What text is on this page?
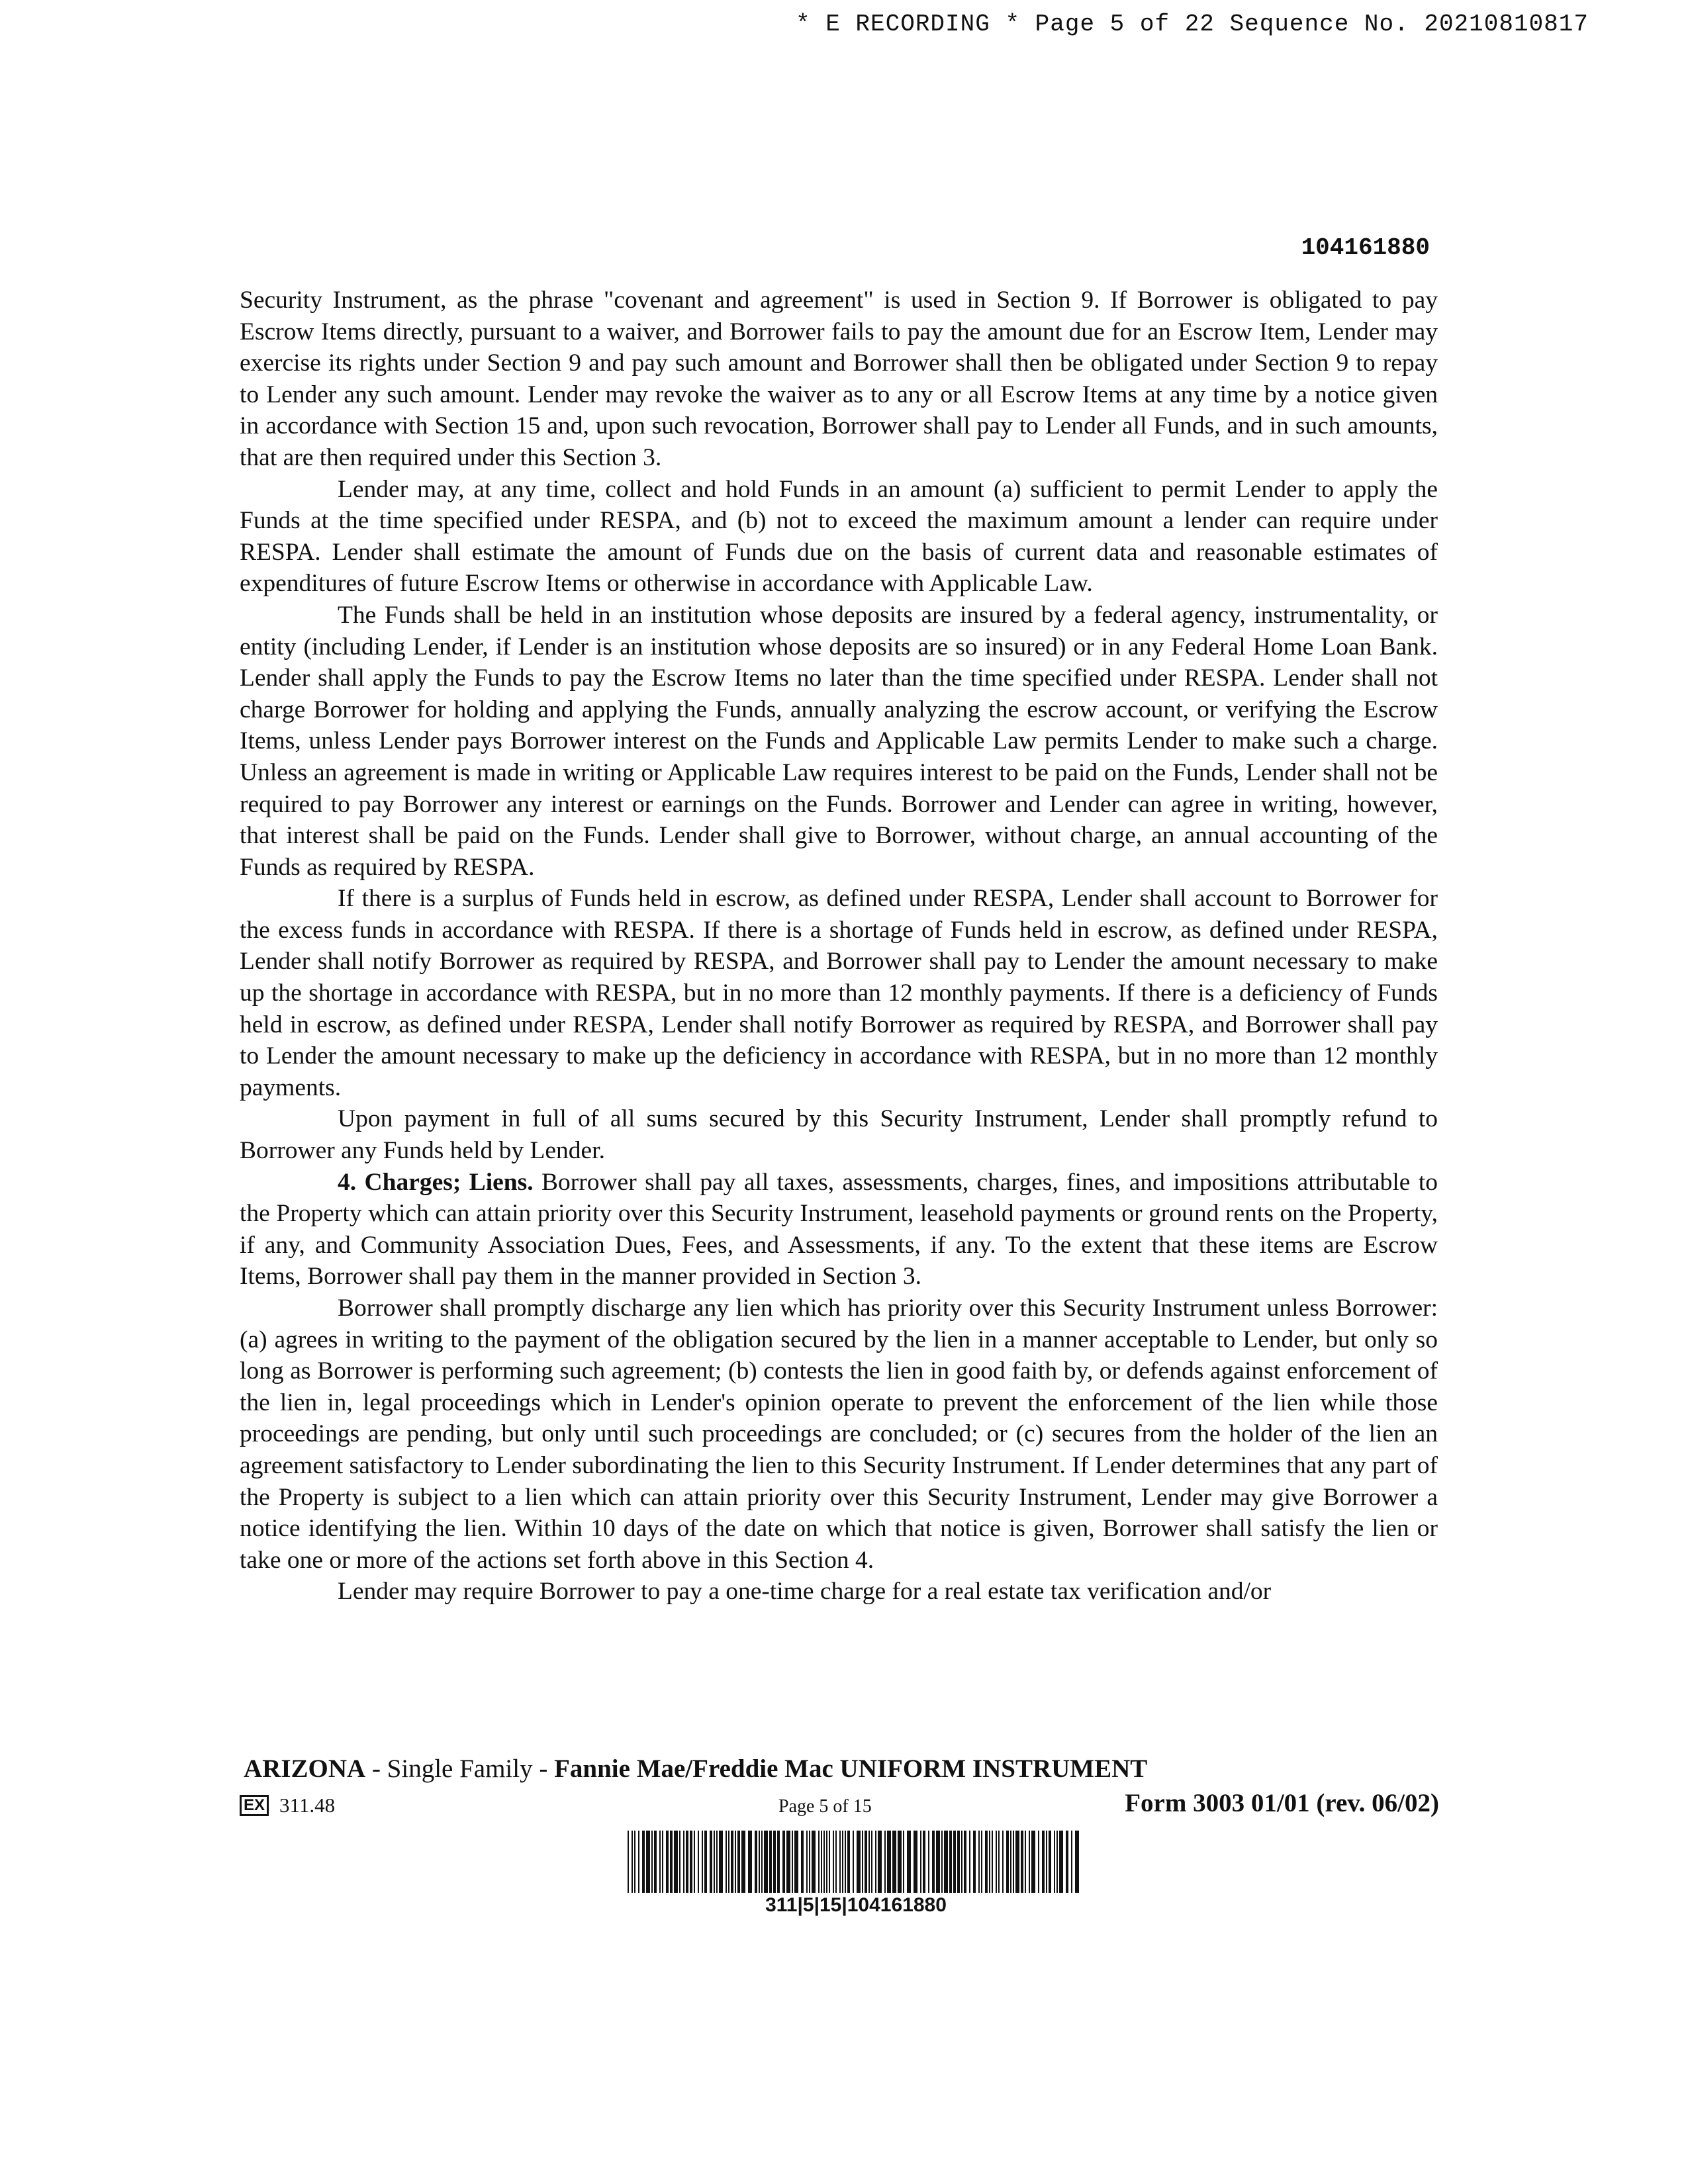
* E RECORDING * Page 5 of 22 Sequence No. 20210810817
104161880

Security Instrument, as the phrase "covenant and agreement" is used in Section 9. If Borrower is obligated to pay Escrow Items directly, pursuant to a waiver, and Borrower fails to pay the amount due for an Escrow Item, Lender may exercise its rights under Section 9 and pay such amount and Borrower shall then be obligated under Section 9 to repay to Lender any such amount. Lender may revoke the waiver as to any or all Escrow Items at any time by a notice given in accordance with Section 15 and, upon such revocation, Borrower shall pay to Lender all Funds, and in such amounts, that are then required under this Section 3.

Lender may, at any time, collect and hold Funds in an amount (a) sufficient to permit Lender to apply the Funds at the time specified under RESPA, and (b) not to exceed the maximum amount a lender can require under RESPA. Lender shall estimate the amount of Funds due on the basis of current data and reasonable estimates of expenditures of future Escrow Items or otherwise in accordance with Applicable Law.

The Funds shall be held in an institution whose deposits are insured by a federal agency, instrumentality, or entity (including Lender, if Lender is an institution whose deposits are so insured) or in any Federal Home Loan Bank. Lender shall apply the Funds to pay the Escrow Items no later than the time specified under RESPA. Lender shall not charge Borrower for holding and applying the Funds, annually analyzing the escrow account, or verifying the Escrow Items, unless Lender pays Borrower interest on the Funds and Applicable Law permits Lender to make such a charge. Unless an agreement is made in writing or Applicable Law requires interest to be paid on the Funds, Lender shall not be required to pay Borrower any interest or earnings on the Funds. Borrower and Lender can agree in writing, however, that interest shall be paid on the Funds. Lender shall give to Borrower, without charge, an annual accounting of the Funds as required by RESPA.

If there is a surplus of Funds held in escrow, as defined under RESPA, Lender shall account to Borrower for the excess funds in accordance with RESPA. If there is a shortage of Funds held in escrow, as defined under RESPA, Lender shall notify Borrower as required by RESPA, and Borrower shall pay to Lender the amount necessary to make up the shortage in accordance with RESPA, but in no more than 12 monthly payments. If there is a deficiency of Funds held in escrow, as defined under RESPA, Lender shall notify Borrower as required by RESPA, and Borrower shall pay to Lender the amount necessary to make up the deficiency in accordance with RESPA, but in no more than 12 monthly payments.

Upon payment in full of all sums secured by this Security Instrument, Lender shall promptly refund to Borrower any Funds held by Lender.

4. Charges; Liens. Borrower shall pay all taxes, assessments, charges, fines, and impositions attributable to the Property which can attain priority over this Security Instrument, leasehold payments or ground rents on the Property, if any, and Community Association Dues, Fees, and Assessments, if any. To the extent that these items are Escrow Items, Borrower shall pay them in the manner provided in Section 3.

Borrower shall promptly discharge any lien which has priority over this Security Instrument unless Borrower: (a) agrees in writing to the payment of the obligation secured by the lien in a manner acceptable to Lender, but only so long as Borrower is performing such agreement; (b) contests the lien in good faith by, or defends against enforcement of the lien in, legal proceedings which in Lender's opinion operate to prevent the enforcement of the lien while those proceedings are pending, but only until such proceedings are concluded; or (c) secures from the holder of the lien an agreement satisfactory to Lender subordinating the lien to this Security Instrument. If Lender determines that any part of the Property is subject to a lien which can attain priority over this Security Instrument, Lender may give Borrower a notice identifying the lien. Within 10 days of the date on which that notice is given, Borrower shall satisfy the lien or take one or more of the actions set forth above in this Section 4.

Lender may require Borrower to pay a one-time charge for a real estate tax verification and/or

ARIZONA - Single Family - Fannie Mae/Freddie Mac UNIFORM INSTRUMENT
EX 311.48	Page 5 of 15	Form 3003 01/01 (rev. 06/02)
311|5|15|104161880
